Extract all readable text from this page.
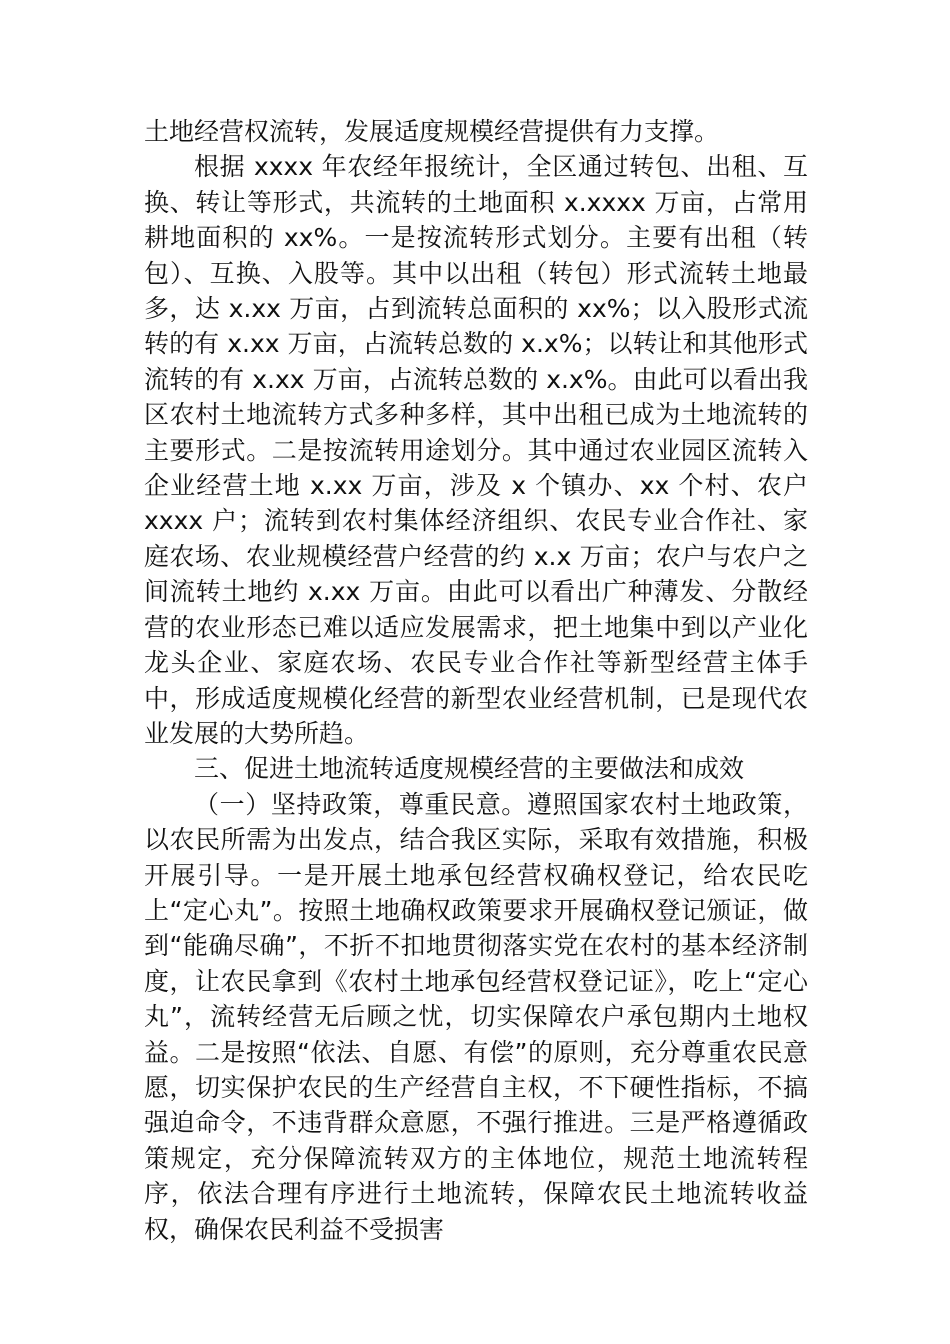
土地经营权流转，发展适度规模经营提供有力支撑。

根据 xxxx 年农经年报统计，全区通过转包、出租、互换、转让等形式，共流转的土地面积 x.xxxx 万亩，占常用耕地面积的 xx%。一是按流转形式划分。主要有出租（转包）、互换、入股等。其中以出租（转包）形式流转土地最多，达 x.xx 万亩，占到流转总面积的 xx%；以入股形式流转的有 x.xx 万亩，占流转总数的 x.x%；以转让和其他形式流转的有 x.xx 万亩，占流转总数的 x.x%。由此可以看出我区农村土地流转方式多种多样，其中出租已成为土地流转的主要形式。二是按流转用途划分。其中通过农业园区流转入企业经营土地 x.xx 万亩，涉及 x 个镇办、xx 个村、农户 xxxx 户；流转到农村集体经济组织、农民专业合作社、家庭农场、农业规模经营户经营的约 x.x 万亩；农户与农户之间流转土地约 x.xx 万亩。由此可以看出广种薄发、分散经营的农业形态已难以适应发展需求，把土地集中到以产业化龙头企业、家庭农场、农民专业合作社等新型经营主体手中，形成适度规模化经营的新型农业经营机制，已是现代农业发展的大势所趋。

三、促进土地流转适度规模经营的主要做法和成效

（一）坚持政策，尊重民意。遵照国家农村土地政策，以农民所需为出发点，结合我区实际，采取有效措施，积极开展引导。一是开展土地承包经营权确权登记，给农民吃上“定心丸”。按照土地确权政策要求开展确权登记颁证，做到“能确尽确”，不折不扣地贯彻落实党在农村的基本经济制度，让农民拿到《农村土地承包经营权登记证》，吃上“定心丸”，流转经营无后顾之忧，切实保障农户承包期内土地权益。二是按照“依法、自愿、有偿”的原则，充分尊重农民意愿，切实保护农民的生产经营自主权，不下硬性指标，不搞强迫命令，不违背群众意愿，不强行推进。三是严格遵循政策规定，充分保障流转双方的主体地位，规范土地流转程序，依法合理有序进行土地流转，保障农民土地流转收益权，确保农民利益不受损害
